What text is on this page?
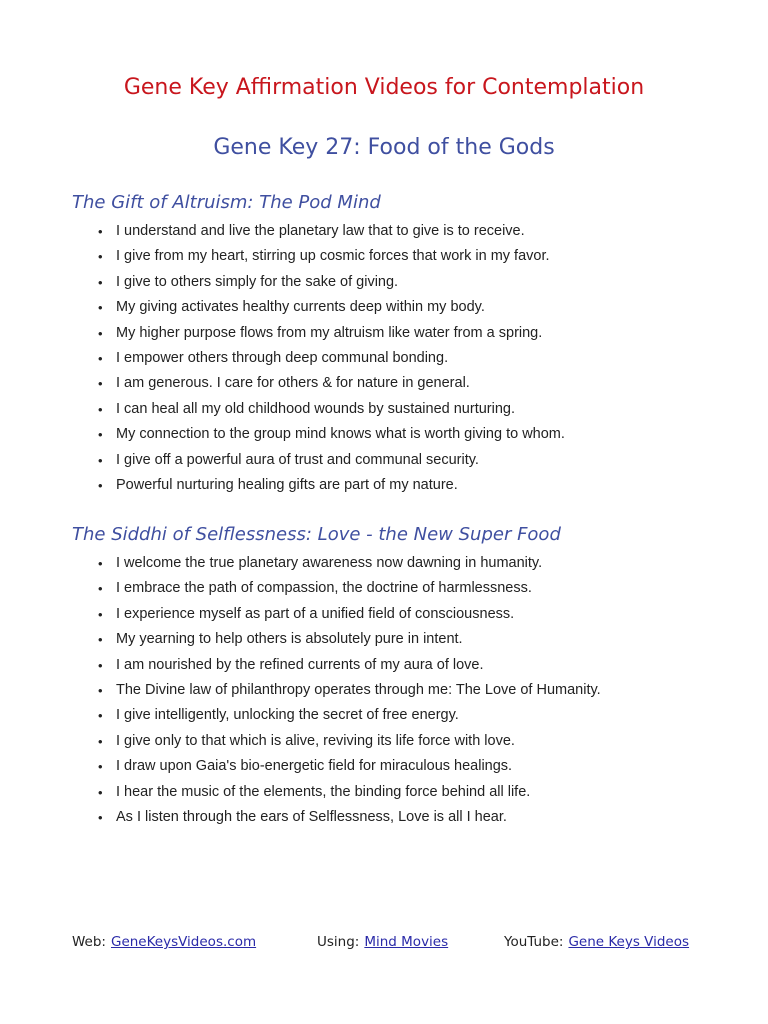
Gene Key Affirmation Videos for Contemplation
Gene Key 27: Food of the Gods
The Gift of Altruism: The Pod Mind
• I understand and live the planetary law that to give is to receive.
• I give from my heart, stirring up cosmic forces that work in my favor.
• I give to others simply for the sake of giving.
• My giving activates healthy currents deep within my body.
• My higher purpose flows from my altruism like water from a spring.
• I empower others through deep communal bonding.
• I am generous. I care for others & for nature in general.
• I can heal all my old childhood wounds by sustained nurturing.
• My connection to the group mind knows what is worth giving to whom.
• I give off a powerful aura of trust and communal security.
• Powerful nurturing healing gifts are part of my nature.
The Siddhi of Selflessness: Love - the New Super Food
• I welcome the true planetary awareness now dawning in humanity.
• I embrace the path of compassion, the doctrine of harmlessness.
• I experience myself as part of a unified field of consciousness.
• My yearning to help others is absolutely pure in intent.
• I am nourished by the refined currents of my aura of love.
• The Divine law of philanthropy operates through me: The Love of Humanity.
• I give intelligently, unlocking the secret of free energy.
• I give only to that which is alive, reviving its life force with love.
• I draw upon Gaia's bio-energetic field for miraculous healings.
• I hear the music of the elements, the binding force behind all life.
• As I listen through the ears of Selflessness, Love is all I hear.
Web: GeneKeysVideos.com	Using: Mind Movies	YouTube: Gene Keys Videos
